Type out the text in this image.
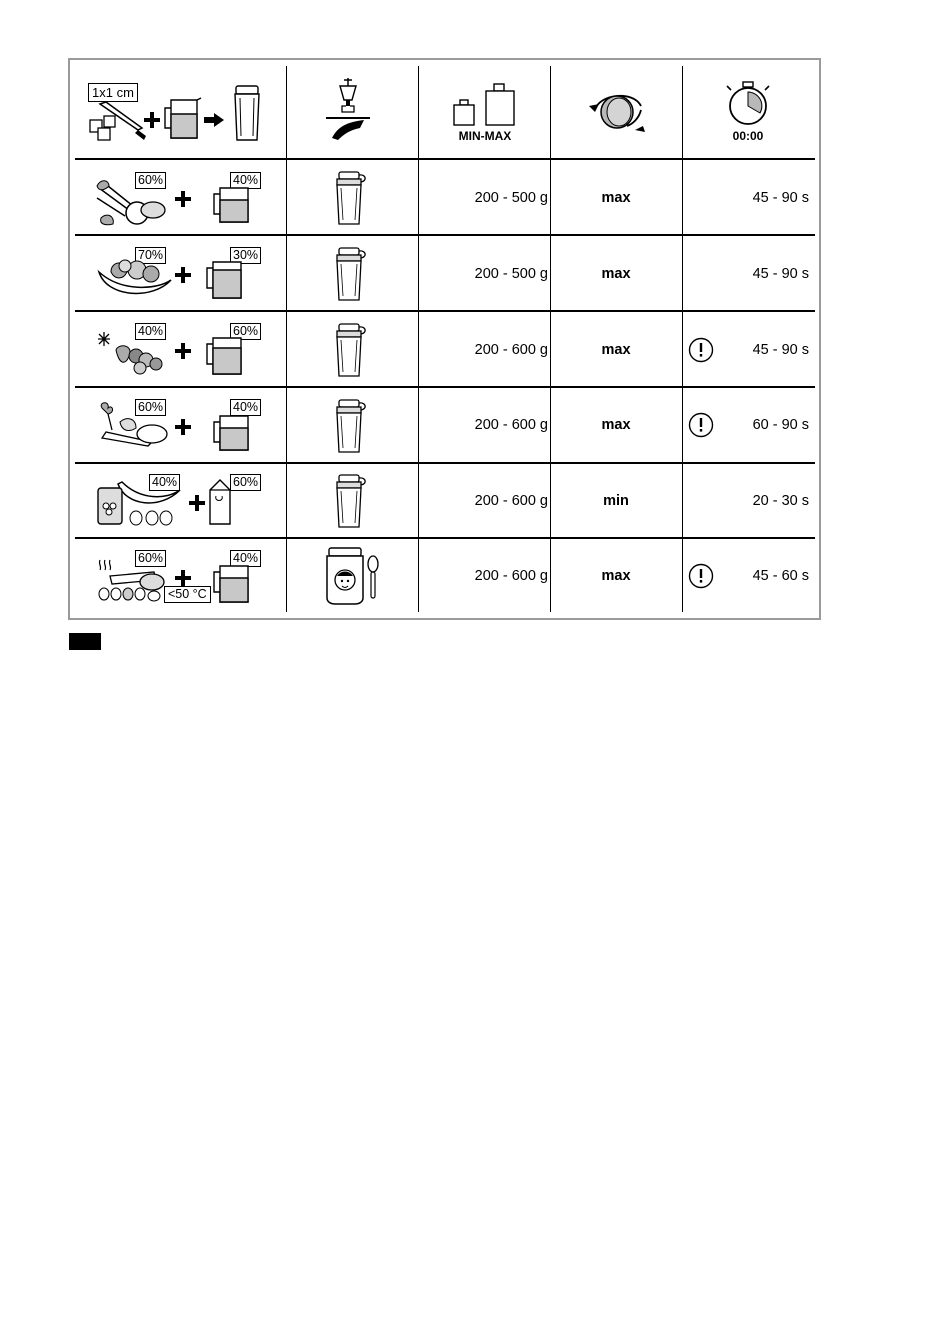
1x1 cm
MIN-MAX	00:00
60%	40%
70%	30%
40%	60%
60%	40%
40%	60%
60%	40%
<50 °C
200 - 500 g	max	45 - 90 s
200 - 500 g	max	45 - 90 s
200 - 600 g	max	45 - 90 s
200 - 600 g	max	60 - 90 s
200 - 600 g	min	20 - 30 s
200 - 600 g	max	45 - 60 s
